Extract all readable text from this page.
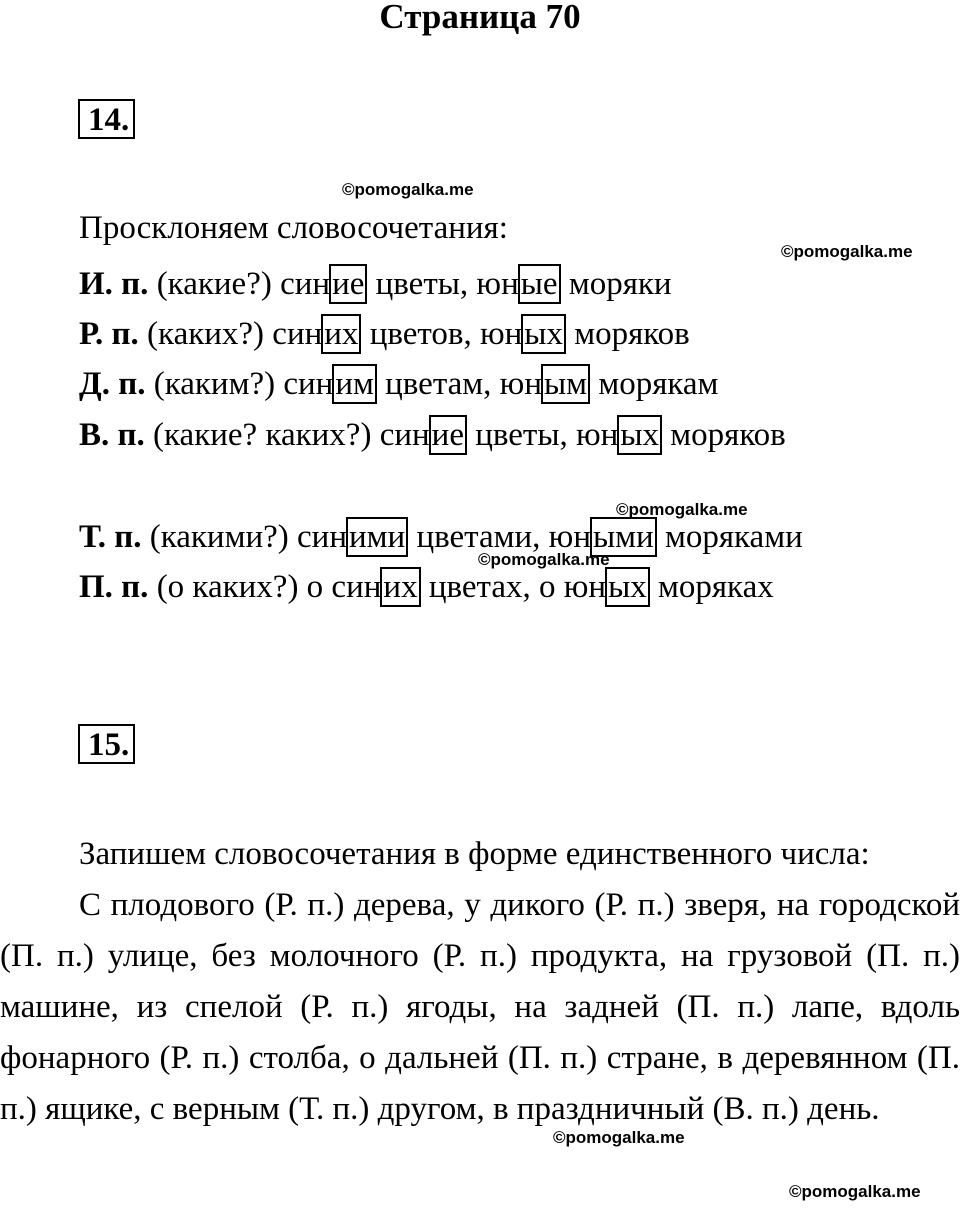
Страница 70
14.
©pomogalka.me
©pomogalka.me
Просклоняем словосочетания:
И. п. (какие?) синие цветы, юные моряки
Р. п. (каких?) синих цветов, юных моряков
Д. п. (каким?) синим цветам, юным морякам
В. п. (какие? каких?) синие цветы, юных моряков
©pomogalka.me
Т. п. (какими?) синими цветами, юными моряками
©pomogalka.me
П. п. (о каких?) о синих цветах, о юных моряках
15.

Запишем словосочетания в форме единственного числа:

С плодового (Р. п.) дерева, у дикого (Р. п.) зверя, на городской (П. п.) улице, без молочного (Р. п.) продукта, на грузовой (П. п.) машине, из спелой (Р. п.) ягоды, на задней (П. п.) лапе, вдоль фонарного (Р. п.) столба, о дальней (П. п.) стране, в деревянном (П. п.) ящике, с верным (Т. п.) другом, в праздничный (В. п.) день.

©pomogalka.me
©pomogalka.me
